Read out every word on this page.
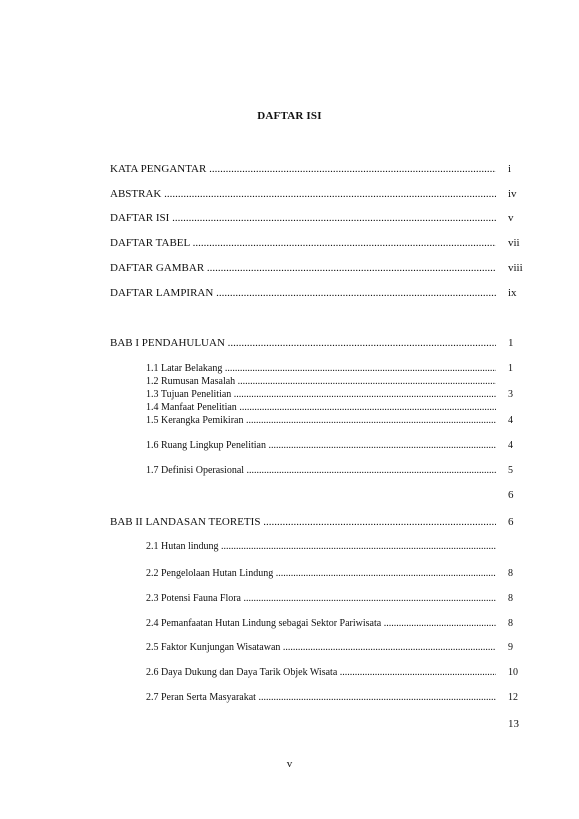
DAFTAR ISI
KATA PENGANTAR .....	i
ABSTRAK .....	iv
DAFTAR ISI .....	v
DAFTAR TABEL .....	vii
DAFTAR GAMBAR .....	viii
DAFTAR LAMPIRAN .....	ix
BAB I PENDAHULUAN .....	1
1.1 Latar Belakang .....	1
1.2 Rumusan Masalah .....
1.3 Tujuan Penelitian .....	3
1.4 Manfaat Penelitian .....
1.5 Kerangka Pemikiran .....	4
1.6 Ruang Lingkup Penelitian .....	4
1.7 Definisi Operasional .....	5
6
BAB II LANDASAN TEORETIS .....	6
2.1 Hutan lindung .....
2.2 Pengelolaan Hutan Lindung .....	8
2.3 Potensi Fauna Flora .....	8
2.4 Pemanfaatan Hutan Lindung sebagai Sektor Pariwisata .....	8
2.5 Faktor Kunjungan Wisatawan .....	9
2.6 Daya Dukung dan Daya Tarik Objek Wisata .....	10
2.7 Peran Serta Masyarakat .....	12
13
v
